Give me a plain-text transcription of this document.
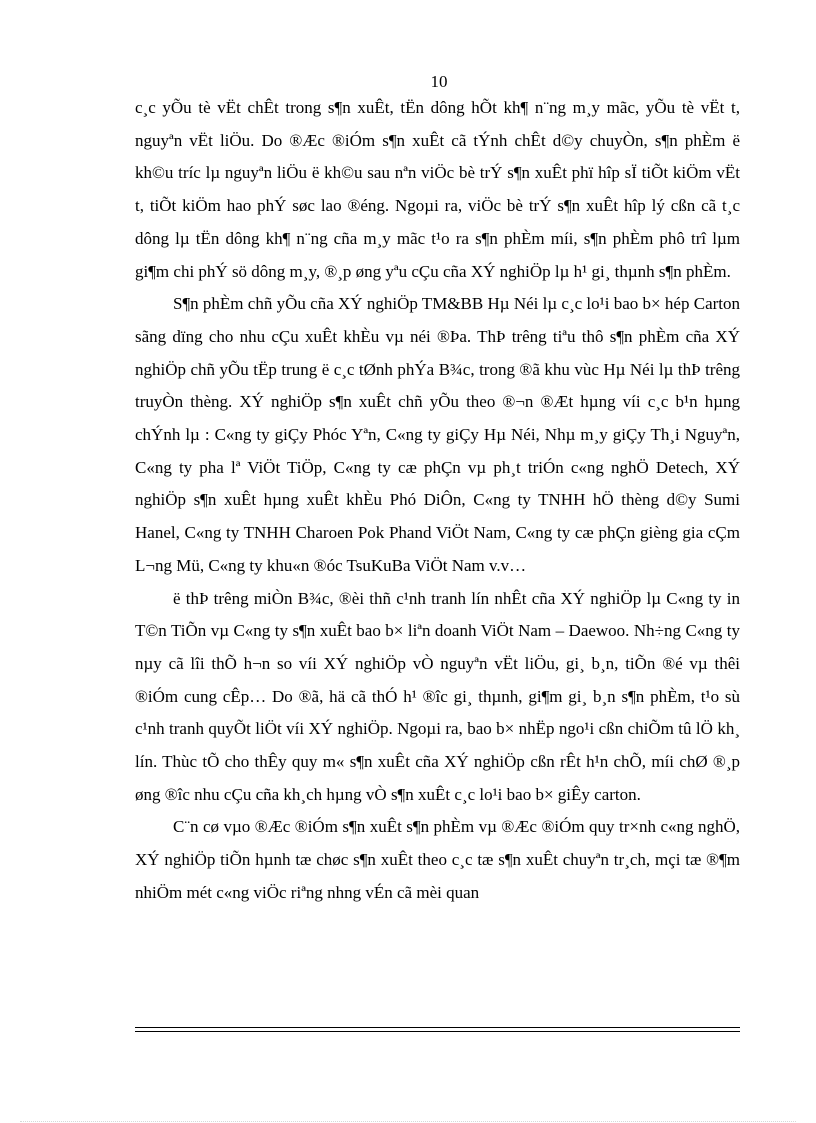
10

c¸c yÕu tè vËt chÊt trong s¶n xuÊt, tËn dông hÕt kh¶ n¨ng m¸y mãc, yÕu tè vËt t, nguyªn vËt liÖu. Do ®Æc ®iÓm s¶n xuÊt cã tÝnh chÊt d©y chuyÒn, s¶n phÈm ë kh©u tríc lµ nguyªn liÖu ë kh©u sau nªn viÖc bè trÝ s¶n xuÊt phï hîp sÏ tiÕt kiÖm vËt t, tiÕt kiÖm hao phÝ søc lao ®éng. Ngoµi ra, viÖc bè trÝ s¶n xuÊt hîp lý cßn cã t¸c dông lµ tËn dông kh¶ n¨ng cña m¸y mãc t¹o ra s¶n phÈm míi, s¶n phÈm phô trî lµm gi¶m chi phÝ sö dông m¸y, ®¸p øng yªu cÇu cña XÝ nghiÖp lµ h¹ gi¸ thµnh s¶n phÈm.

S¶n phÈm chñ yÕu cña XÝ nghiÖp TM&BB Hµ Néi lµ c¸c lo¹i bao b× hép Carton sãng dïng cho nhu cÇu xuÊt khÈu vµ néi ®Þa. ThÞ trêng tiªu thô s¶n phÈm cña XÝ nghiÖp chñ yÕu tËp trung ë c¸c tØnh phÝa B¾c, trong ®ã khu vùc Hµ Néi lµ thÞ trêng truyÒn thèng. XÝ nghiÖp s¶n xuÊt chñ yÕu theo ®¬n ®Æt hµng víi c¸c b¹n hµng chÝnh lµ : C«ng ty giÇy Phóc Yªn, C«ng ty giÇy Hµ Néi, Nhµ m¸y giÇy Th¸i Nguyªn, C«ng ty pha lª ViÖt TiÖp, C«ng ty cæ phÇn vµ ph¸t triÓn c«ng nghÖ Detech, XÝ nghiÖp s¶n xuÊt hµng xuÊt khÈu Phó DiÔn, C«ng ty TNHH hÖ thèng d©y Sumi Hanel, C«ng ty TNHH Charoen Pok Phand ViÖt Nam, C«ng ty cæ phÇn gièng gia cÇm L¬ng Mü, C«ng ty khu«n ®óc TsuKuBa ViÖt Nam v.v…

ë thÞ trêng miÒn B¾c, ®èi thñ c¹nh tranh lín nhÊt cña XÝ nghiÖp lµ C«ng ty in T©n TiÕn vµ C«ng ty s¶n xuÊt bao b× liªn doanh ViÖt Nam – Daewoo. Nh÷ng C«ng ty nµy cã lîi thÕ h¬n so víi XÝ nghiÖp vÒ nguyªn vËt liÖu, gi¸ b¸n, tiÕn ®é vµ thêi ®iÓm cung cÊp… Do ®ã, hä cã thÓ h¹ ®îc gi¸ thµnh, gi¶m gi¸ b¸n s¶n phÈm, t¹o sù c¹nh tranh quyÕt liÖt víi XÝ nghiÖp. Ngoµi ra, bao b× nhËp ngo¹i cßn chiÕm tû lÖ kh¸ lín. Thùc tÕ cho thÊy quy m« s¶n xuÊt cña XÝ nghiÖp cßn rÊt h¹n chÕ, míi chØ ®¸p øng ®îc nhu cÇu cña kh¸ch hµng vÒ s¶n xuÊt c¸c lo¹i bao b× giÊy carton.

C¨n cø vµo ®Æc ®iÓm s¶n xuÊt s¶n phÈm vµ ®Æc ®iÓm quy tr×nh c«ng nghÖ, XÝ nghiÖp tiÕn hµnh tæ chøc s¶n xuÊt theo c¸c tæ s¶n xuÊt chuyªn tr¸ch, mçi tæ ®¶m nhiÖm mét c«ng viÖc riªng nhng vÉn cã mèi quan
